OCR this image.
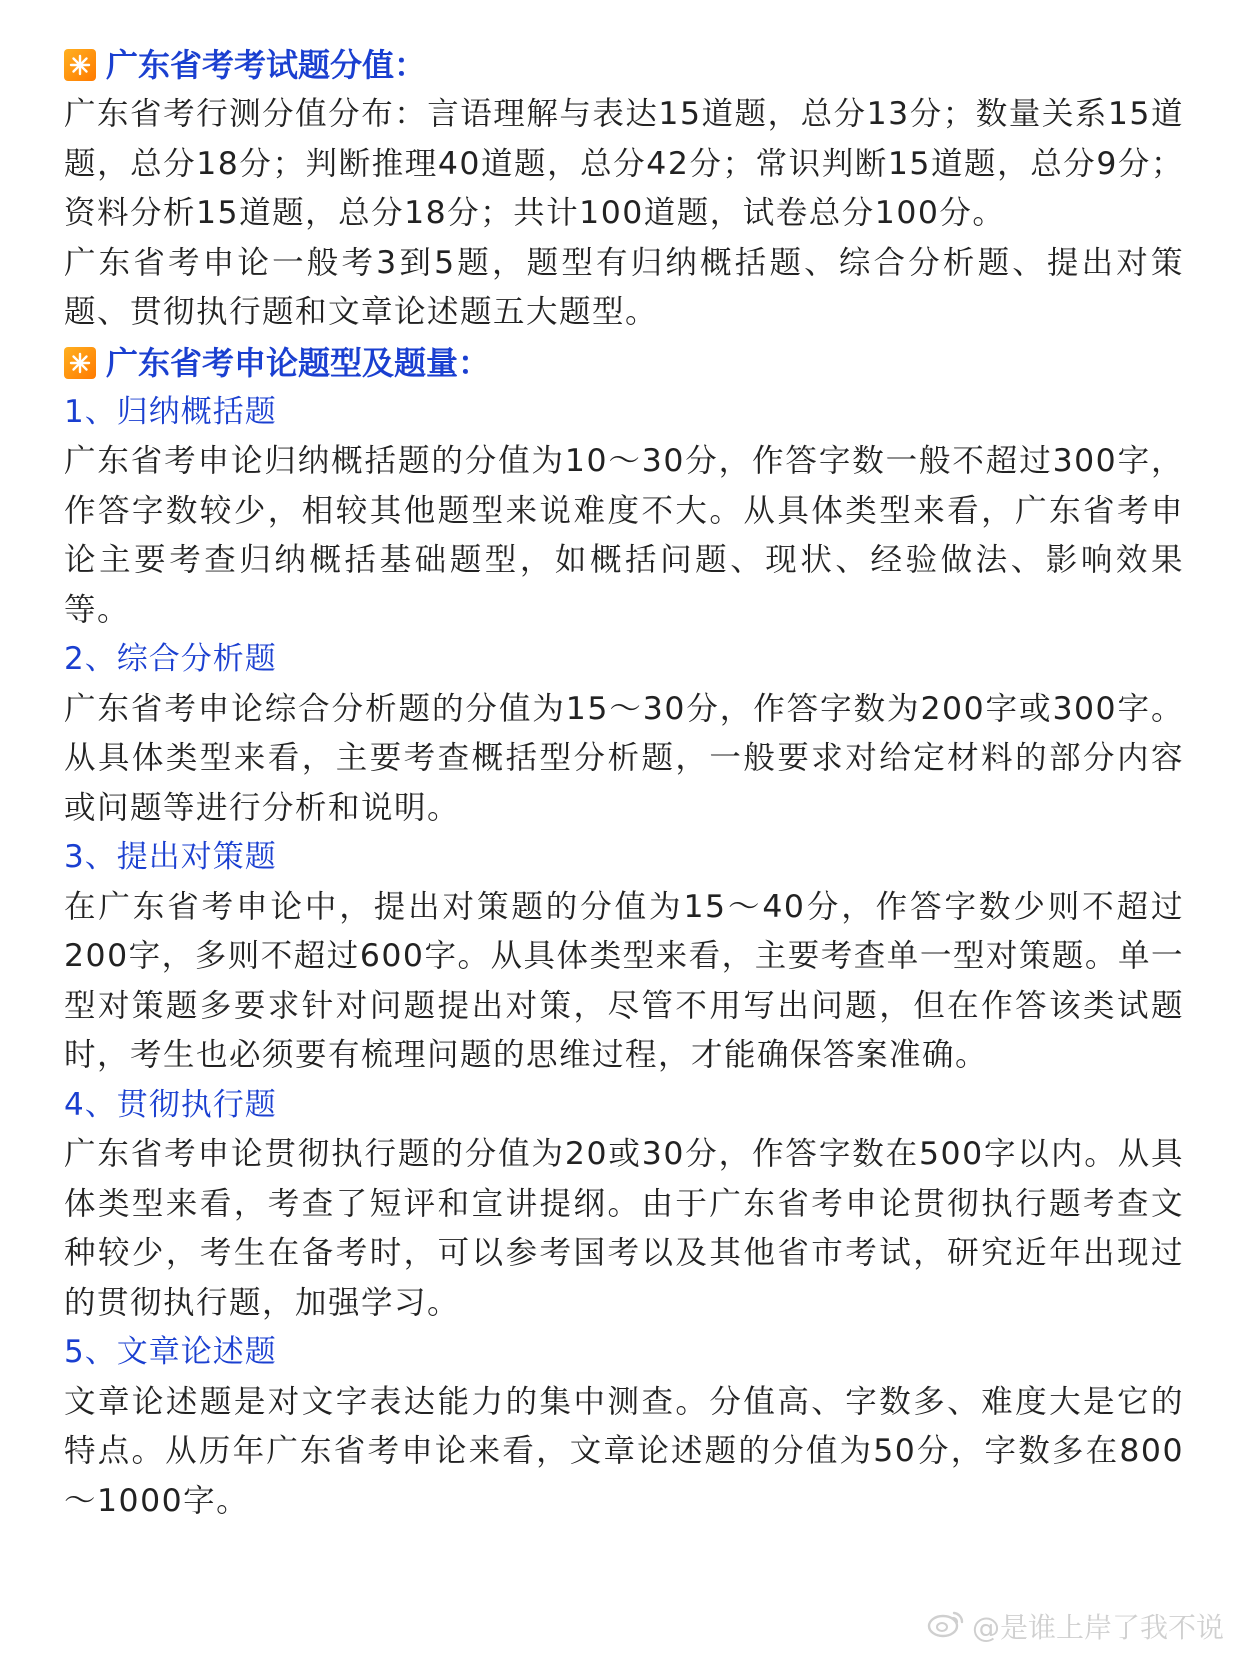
广东省考考试题分值：

广东省考行测分值分布：言语理解与表达15道题，总分13分；数量关系15道题，总分18分；判断推理40道题，总分42分；常识判断15道题，总分9分；资料分析15道题，总分18分；共计100道题，试卷总分100分。

广东省考申论一般考3到5题，题型有归纳概括题、综合分析题、提出对策题、贯彻执行题和文章论述题五大题型。

广东省考申论题型及题量：

1、归纳概括题

广东省考申论归纳概括题的分值为10～30分，作答字数一般不超过300字，作答字数较少，相较其他题型来说难度不大。从具体类型来看，广东省考申论主要考查归纳概括基础题型，如概括问题、现状、经验做法、影响效果等。

2、综合分析题

广东省考申论综合分析题的分值为15～30分，作答字数为200字或300字。从具体类型来看，主要考查概括型分析题，一般要求对给定材料的部分内容或问题等进行分析和说明。

3、提出对策题

在广东省考申论中，提出对策题的分值为15～40分，作答字数少则不超过200字，多则不超过600字。从具体类型来看，主要考查单一型对策题。单一型对策题多要求针对问题提出对策，尽管不用写出问题，但在作答该类试题时，考生也必须要有梳理问题的思维过程，才能确保答案准确。

4、贯彻执行题

广东省考申论贯彻执行题的分值为20或30分，作答字数在500字以内。从具体类型来看，考查了短评和宣讲提纲。由于广东省考申论贯彻执行题考查文种较少，考生在备考时，可以参考国考以及其他省市考试，研究近年出现过的贯彻执行题，加强学习。

5、文章论述题

文章论述题是对文字表达能力的集中测查。分值高、字数多、难度大是它的特点。从历年广东省考申论来看，文章论述题的分值为50分，字数多在800～1000字。

@是谁上岸了我不说
